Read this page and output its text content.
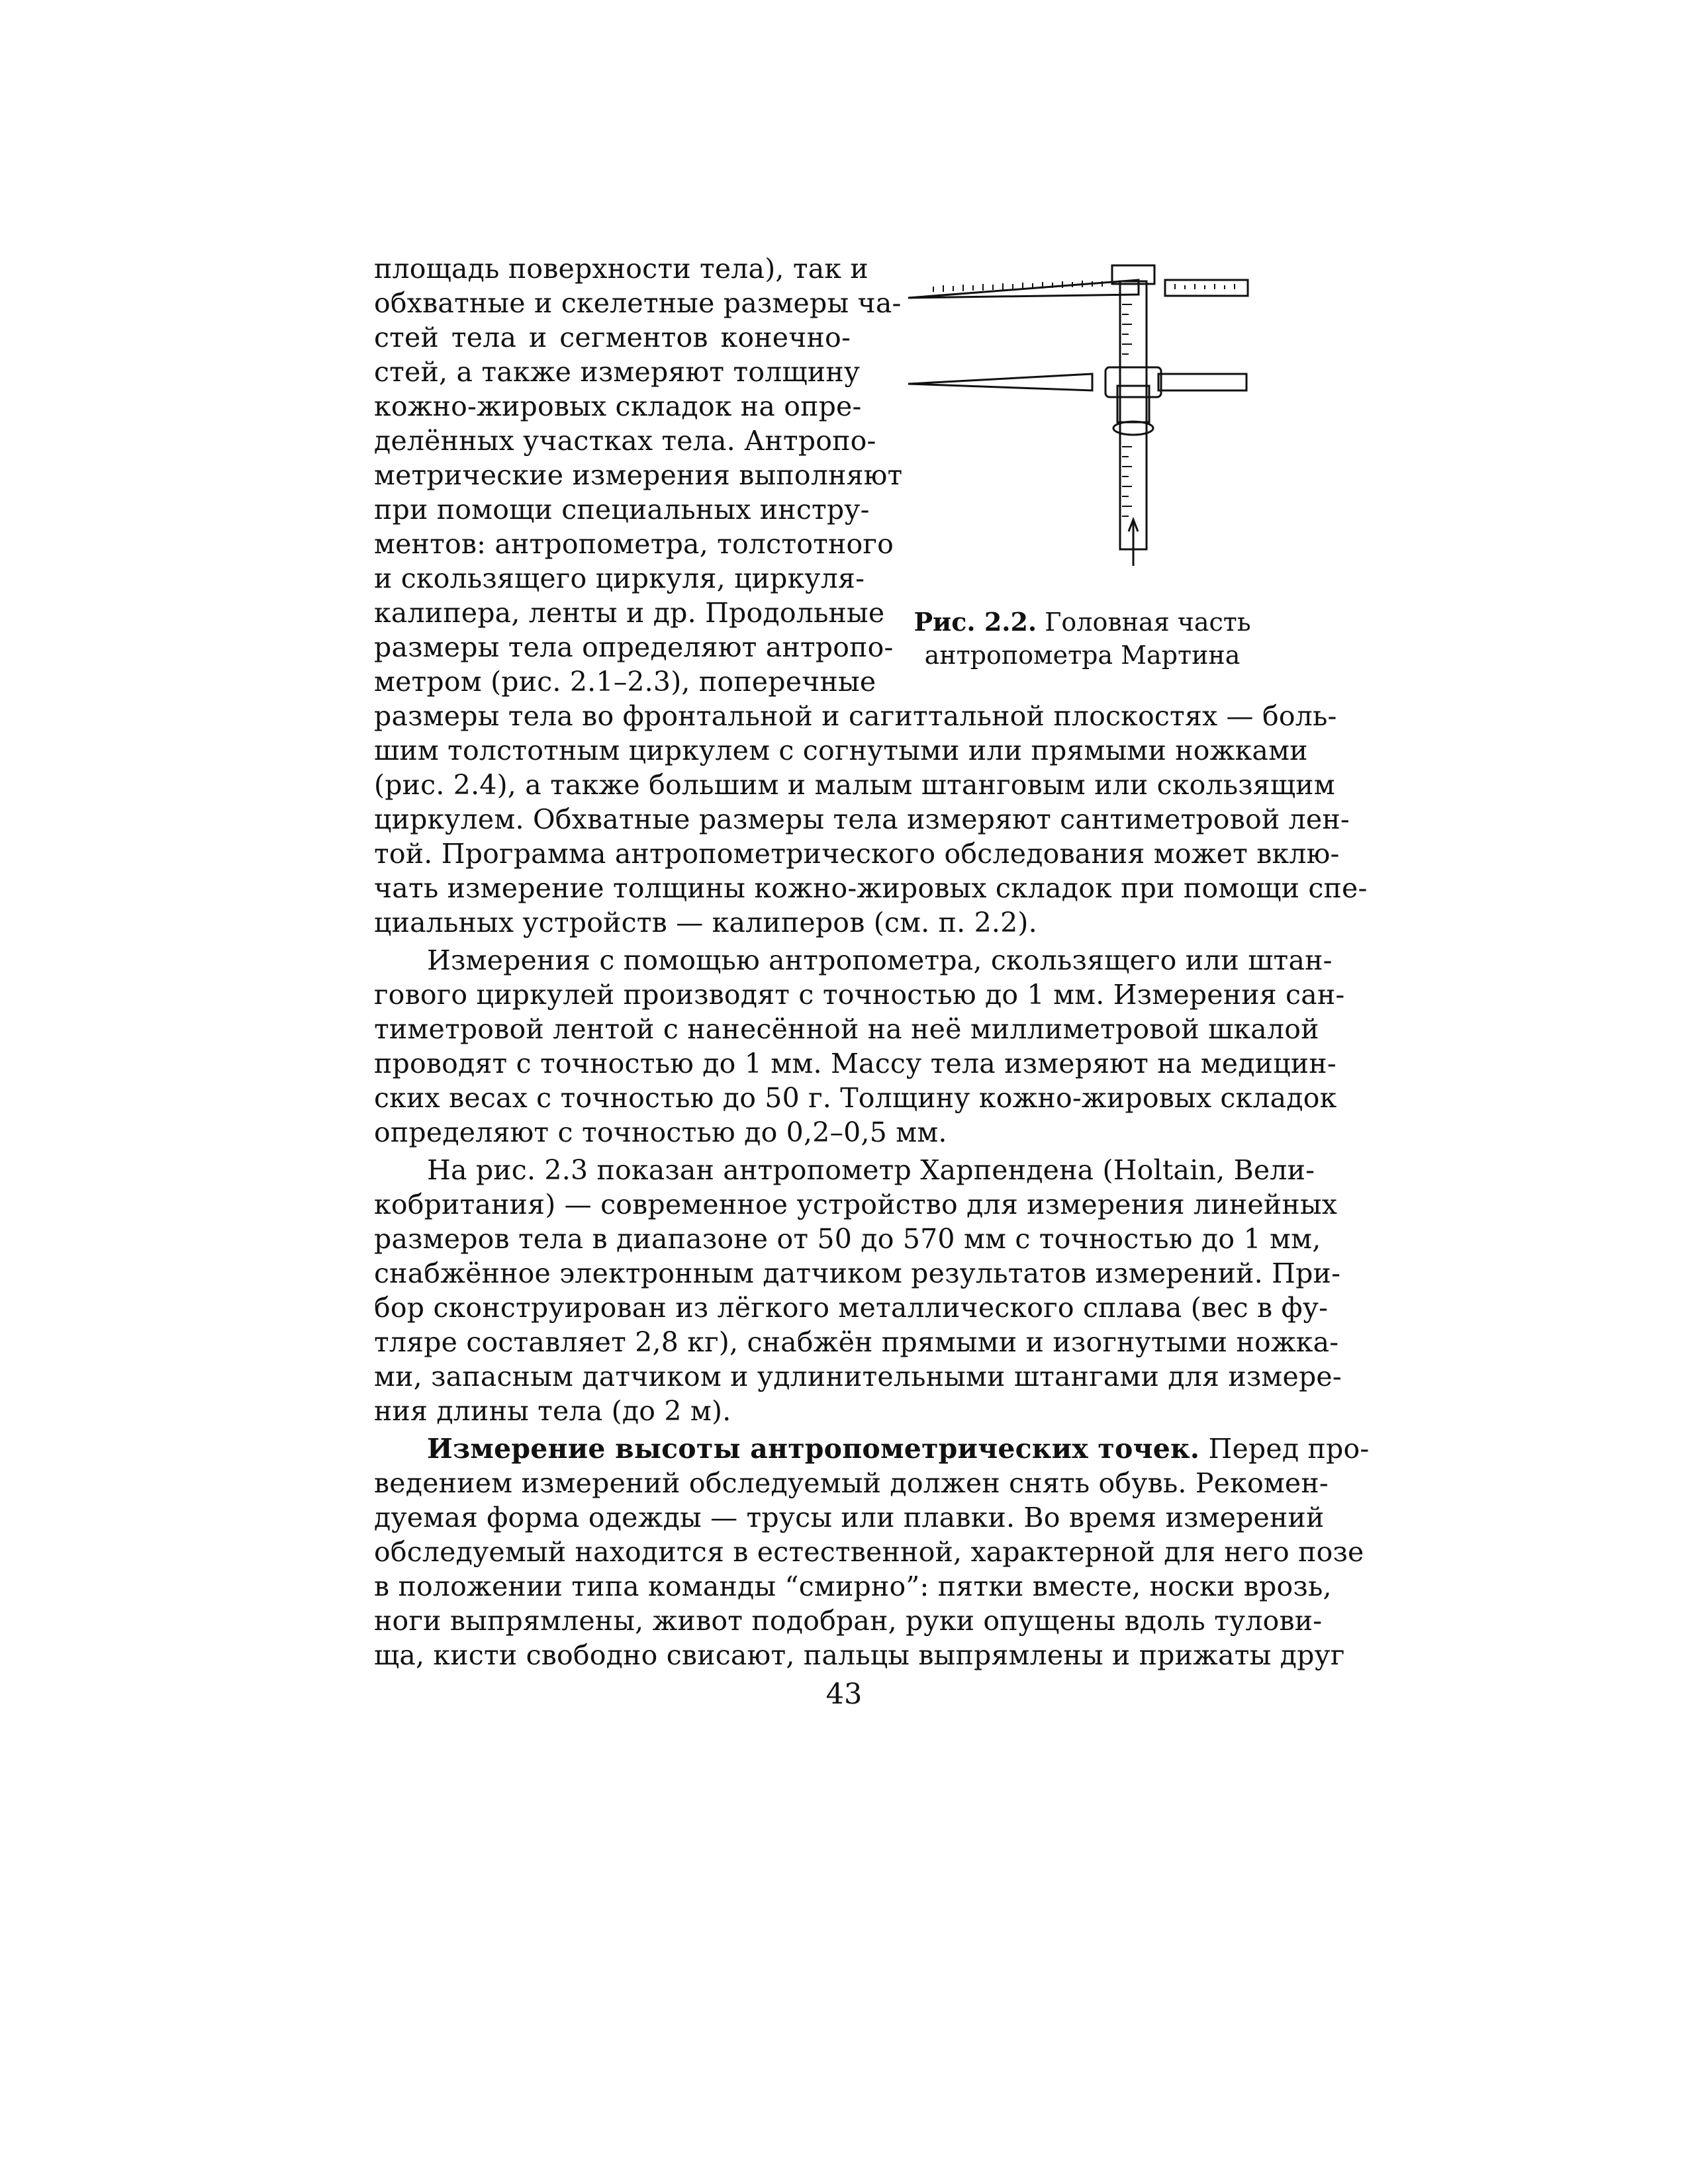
Рис. 2.2. Головная часть
антропометра Мартина
площадь поверхности тела), так и
обхватные и скелетные размеры ча-
стей тела и сегментов конечно-
стей, а также измеряют толщину
кожно-жировых складок на опре-
делённых участках тела. Антропо-
метрические измерения выполняют
при помощи специальных инстру-
ментов: антропометра, толстотного
и скользящего циркуля, циркуля-
калипера, ленты и др. Продольные
размеры тела определяют антропо-
метром (рис. 2.1–2.3), поперечные
размеры тела во фронтальной и сагиттальной плоскостях — боль-
шим толстотным циркулем с согнутыми или прямыми ножками
(рис. 2.4), а также большим и малым штанговым или скользящим
циркулем. Обхватные размеры тела измеряют сантиметровой лен-
той. Программа антропометрического обследования может вклю-
чать измерение толщины кожно-жировых складок при помощи спе-
циальных устройств — калиперов (см. п. 2.2).
Измерения с помощью антропометра, скользящего или штан-
гового циркулей производят с точностью до 1 мм. Измерения сан-
тиметровой лентой с нанесённой на неё миллиметровой шкалой
проводят с точностью до 1 мм. Массу тела измеряют на медицин-
ских весах с точностью до 50 г. Толщину кожно-жировых складок
определяют с точностью до 0,2–0,5 мм.
На рис. 2.3 показан антропометр Харпендена (Holtain, Вели-
кобритания) — современное устройство для измерения линейных
размеров тела в диапазоне от 50 до 570 мм с точностью до 1 мм,
снабжённое электронным датчиком результатов измерений. При-
бор сконструирован из лёгкого металлического сплава (вес в фу-
тляре составляет 2,8 кг), снабжён прямыми и изогнутыми ножка-
ми, запасным датчиком и удлинительными штангами для измере-
ния длины тела (до 2 м).
Измерение высоты антропометрических точек. Перед про-
ведением измерений обследуемый должен снять обувь. Рекомен-
дуемая форма одежды — трусы или плавки. Во время измерений
обследуемый находится в естественной, характерной для него позе
в положении типа команды “смирно”: пятки вместе, носки врозь,
ноги выпрямлены, живот подобран, руки опущены вдоль тулови-
ща, кисти свободно свисают, пальцы выпрямлены и прижаты друг
43
